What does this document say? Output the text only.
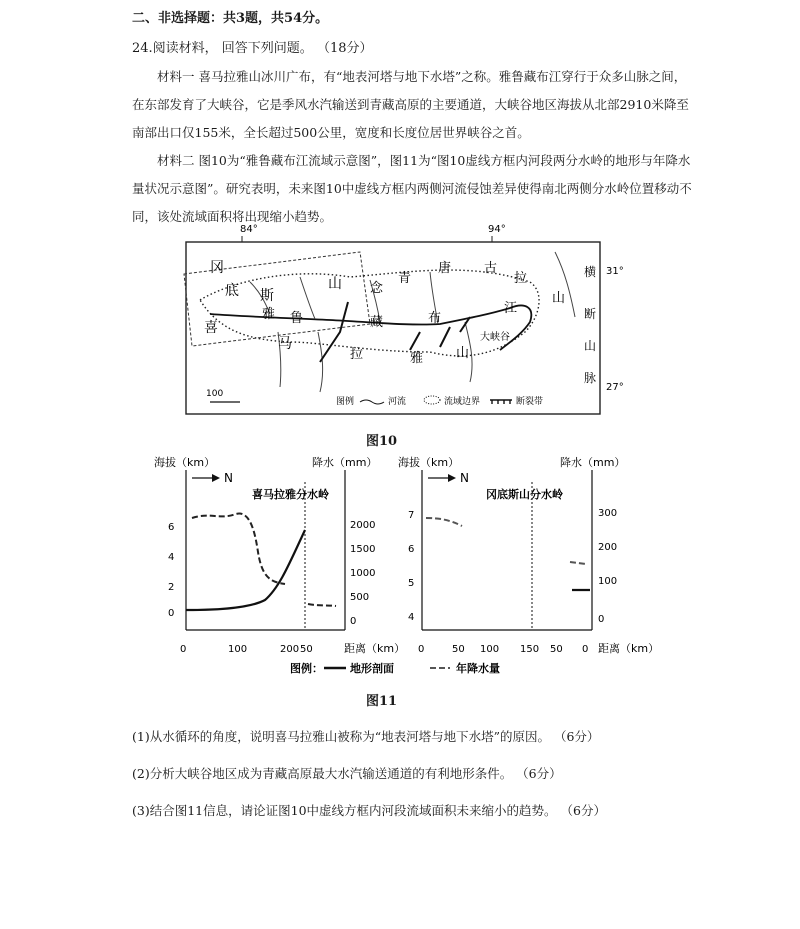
二、非选择题：共3题，共54分。
24.阅读材料， 回答下列问题。 （18分）
材料一 喜马拉雅山冰川广布，有“地表河塔与地下水塔”之称。雅鲁藏布江穿行于众多山脉之间，在东部发育了大峡谷，它是季风水汽输送到青藏高原的主要通道，大峡谷地区海拔从北部2910米降至南部出口仅155米，全长超过500公里，宽度和长度位居世界峡谷之首。
材料二 图10为“雅鲁藏布江流域示意图”，图11为“图10虚线方框内河段两分水岭的地形与年降水量状况示意图”。研究表明，未来图10中虚线方框内两侧河流侵蚀差异使得南北两侧分水岭位置移动不同，该处流域面积将出现缩小趋势。
84°	94°
31°
27°
冈
底 斯
山 念
青
唐	古
拉
山
喜
马
雅 鲁	藏	布
江
拉	雅	山
大峡谷
横
断
山
脉
100
图例	河流	流域边界	断裂带
图10
海拔（km）	降水（mm）
N
喜马拉雅分水岭
6
4
2
0
2000
1500
1000
500
0
0	100	200 50	距离（km）
海拔（km）	降水（mm）
N
冈底斯山分水岭
7
6
5
4
300
200
100
0
0	50 100 150 50 0 距离（km）
图例： 地形剖面	年降水量
图11
(1)从水循环的角度，说明喜马拉雅山被称为“地表河塔与地下水塔”的原因。 （6分）
(2)分析大峡谷地区成为青藏高原最大水汽输送通道的有利地形条件。 （6分）
(3)结合图11信息，请论证图10中虚线方框内河段流域面积未来缩小的趋势。 （6分）
